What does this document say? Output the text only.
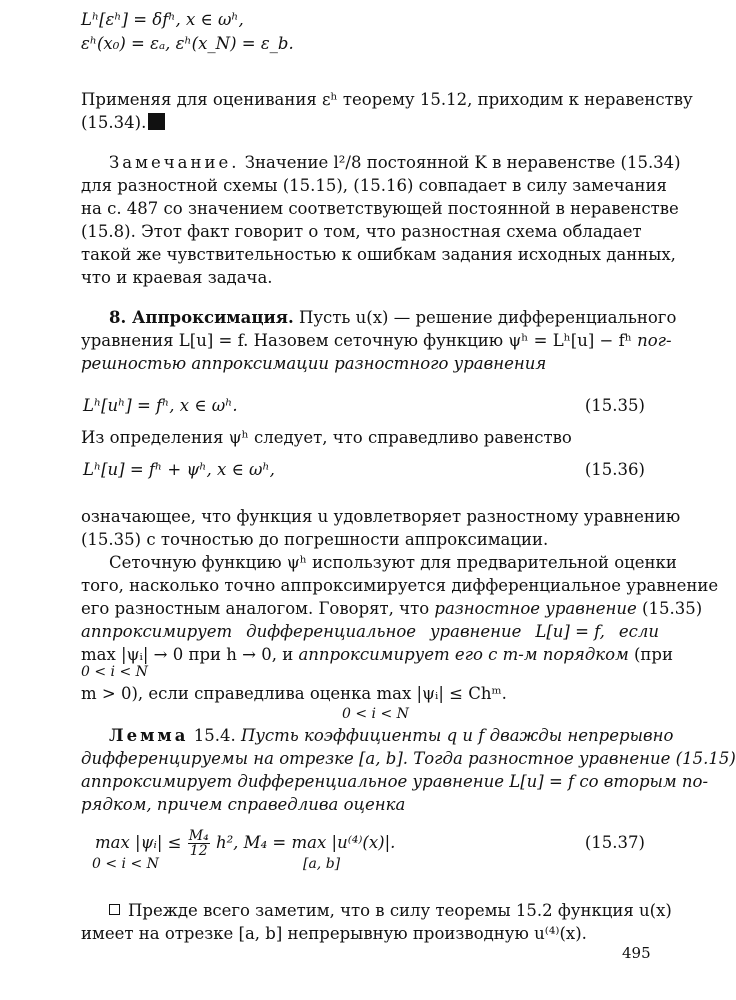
Lʰ[εʰ] = δfʰ, x ∈ ωʰ,
εʰ(x₀) = εₐ, εʰ(x_N) = ε_b.
Применяя для оценивания εʰ теорему 15.12, приходим к неравенству
(15.34).
Замечание. Значение l²/8 постоянной K в неравенстве (15.34)
для разностной схемы (15.15), (15.16) совпадает в силу замечания
на с. 487 со значением соответствующей постоянной в неравенстве
(15.8). Этот факт говорит о том, что разностная схема обладает
такой же чувствительностью к ошибкам задания исходных данных,
что и краевая задача.
8. Аппроксимация. Пусть u(x) — решение дифференциального
уравнения L[u] = f. Назовем сеточную функцию ψʰ = Lʰ[u] − fʰ пог-
решностью аппроксимации разностного уравнения
Lʰ[uʰ] = fʰ, x ∈ ωʰ.	(15.35)
Из определения ψʰ следует, что справедливо равенство
Lʰ[u] = fʰ + ψʰ, x ∈ ωʰ,	(15.36)
означающее, что функция u удовлетворяет разностному уравнению
(15.35) с точностью до погрешности аппроксимации.
Сеточную функцию ψʰ используют для предварительной оценки
того, насколько точно аппроксимируется дифференциальное уравнение
его разностным аналогом. Говорят, что разностное уравнение (15.35)
аппроксимирует дифференциальное уравнение L[u] = f, если
max |ψᵢ| → 0 при h → 0, и аппроксимирует его с m-м порядком (при
0 < i < N
m > 0), если справедлива оценка max |ψᵢ| ≤ Chᵐ.
0 < i < N
Лемма 15.4. Пусть коэффициенты q и f дважды непрерывно
дифференцируемы на отрезке [a, b]. Тогда разностное уравнение (15.15)
аппроксимирует дифференциальное уравнение L[u] = f со вторым по-
рядком, причем справедлива оценка
max |ψᵢ| ≤ $\frac{\text{M₄}}{12} h^2$, M₄ = max |u⁽⁴⁾(x)|.	(15.37)
0 < i < N	[a, b]
Прежде всего заметим, что в силу теоремы 15.2 функция u(x)
имеет на отрезке [a, b] непрерывную производную u⁽⁴⁾(x).
495
